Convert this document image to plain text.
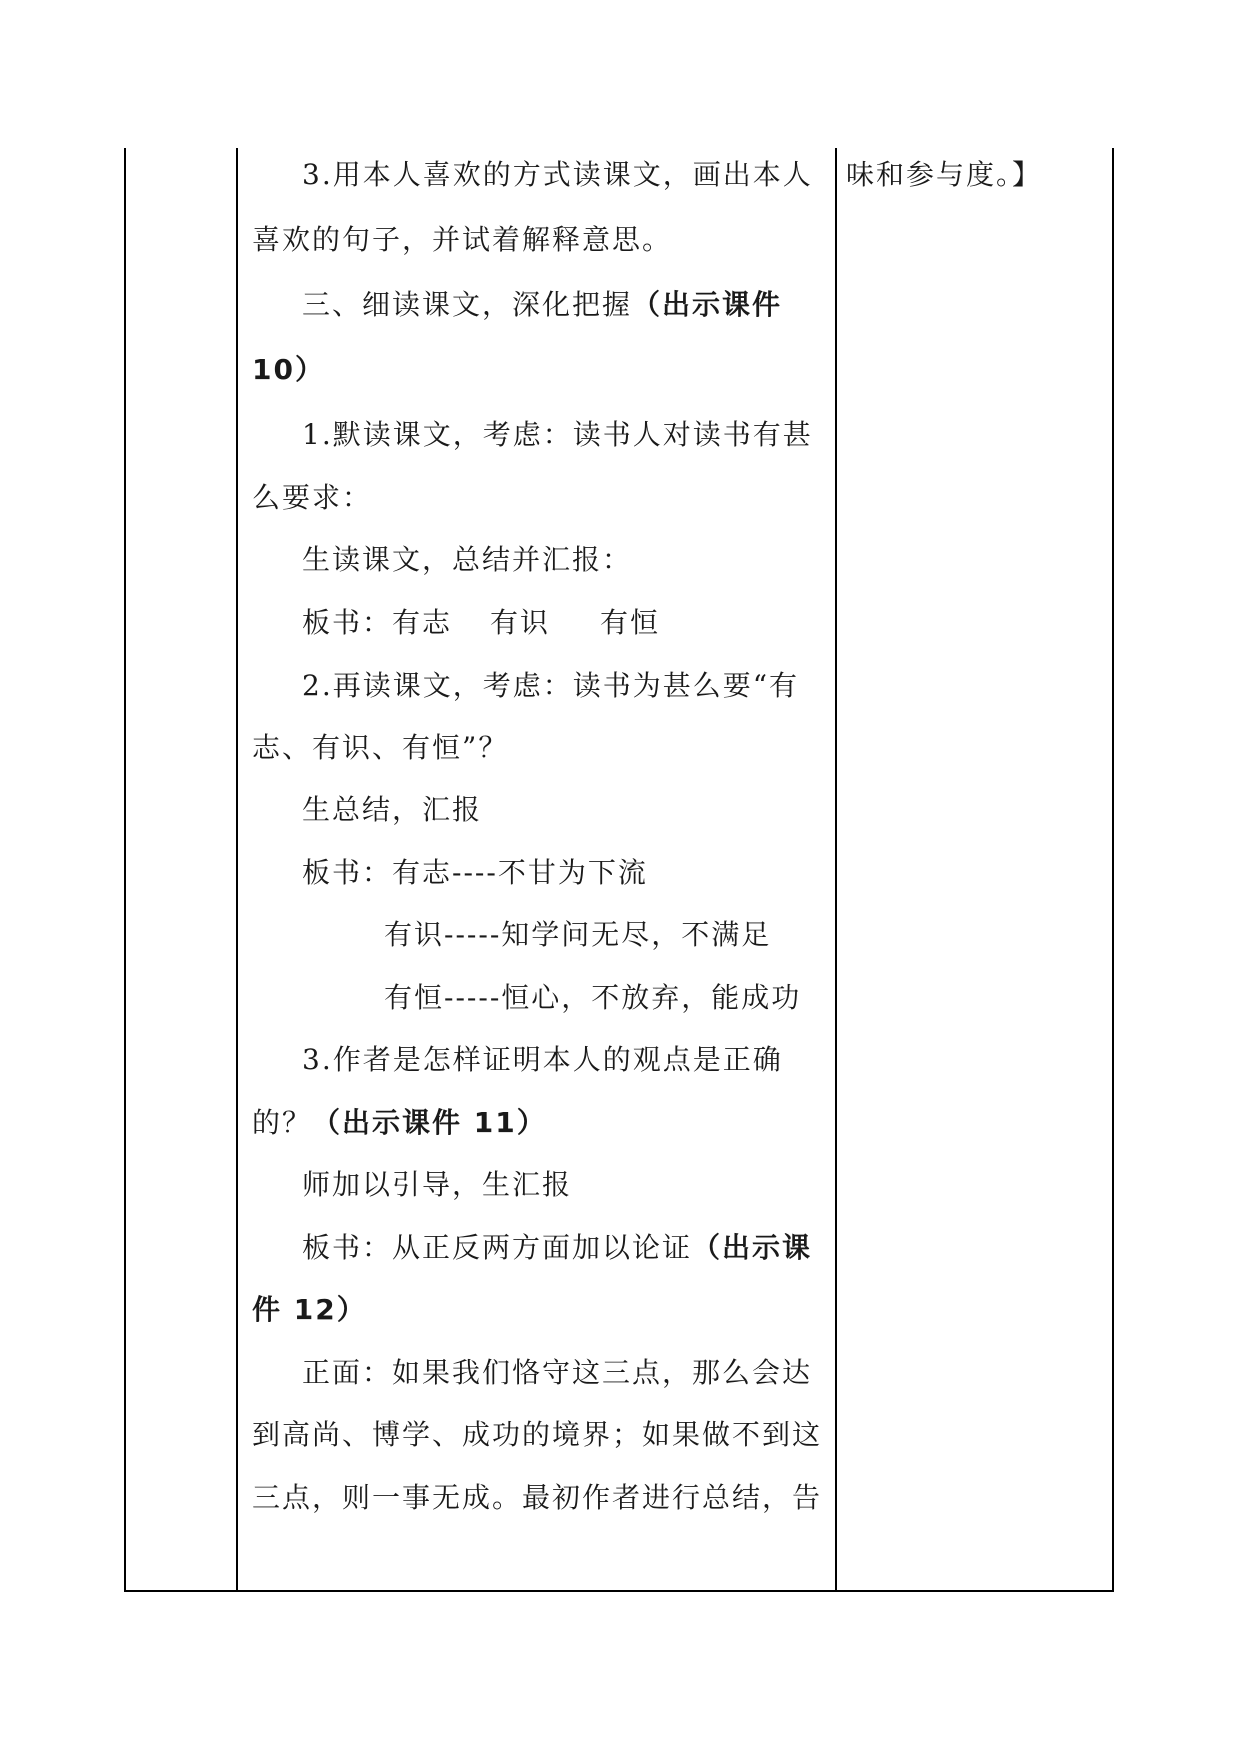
3.用本人喜欢的方式读课文，画出本人
喜欢的句子，并试着解释意思。
三、细读课文，深化把握（出示课件
10）
1.默读课文，考虑：读书人对读书有甚
么要求：
生读课文，总结并汇报：
板书：有志 有识 有恒
2.再读课文，考虑：读书为甚么要“有
志、有识、有恒”？
生总结，汇报
板书：有志----不甘为下流
有识-----知学问无尽，不满足
有恒-----恒心，不放弃，能成功
3.作者是怎样证明本人的观点是正确
的？（出示课件 11）
师加以引导，生汇报
板书：从正反两方面加以论证（出示课
件 12）
正面：如果我们恪守这三点，那么会达
到高尚、博学、成功的境界；如果做不到这
三点，则一事无成。最初作者进行总结，告
味和参与度。】
